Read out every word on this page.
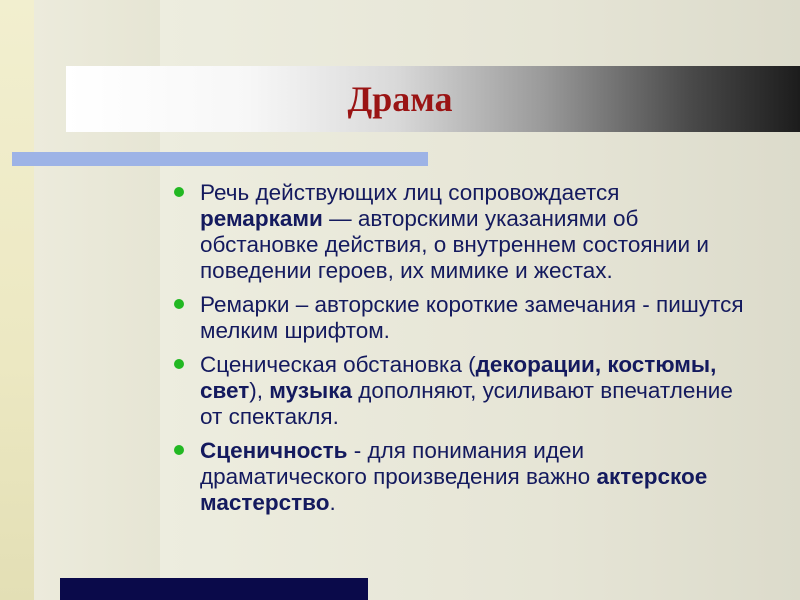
Драма
Речь действующих лиц сопровождается ремарками — авторскими указаниями об обстановке действия, о внутреннем состоянии и поведении героев, их мимике и жестах.
Ремарки – авторские короткие замечания - пишутся мелким шрифтом.
Сценическая обстановка (декорации, костюмы, свет), музыка дополняют, усиливают впечатление от спектакля.
Сценичность - для понимания идеи драматического произведения важно актерское мастерство.
